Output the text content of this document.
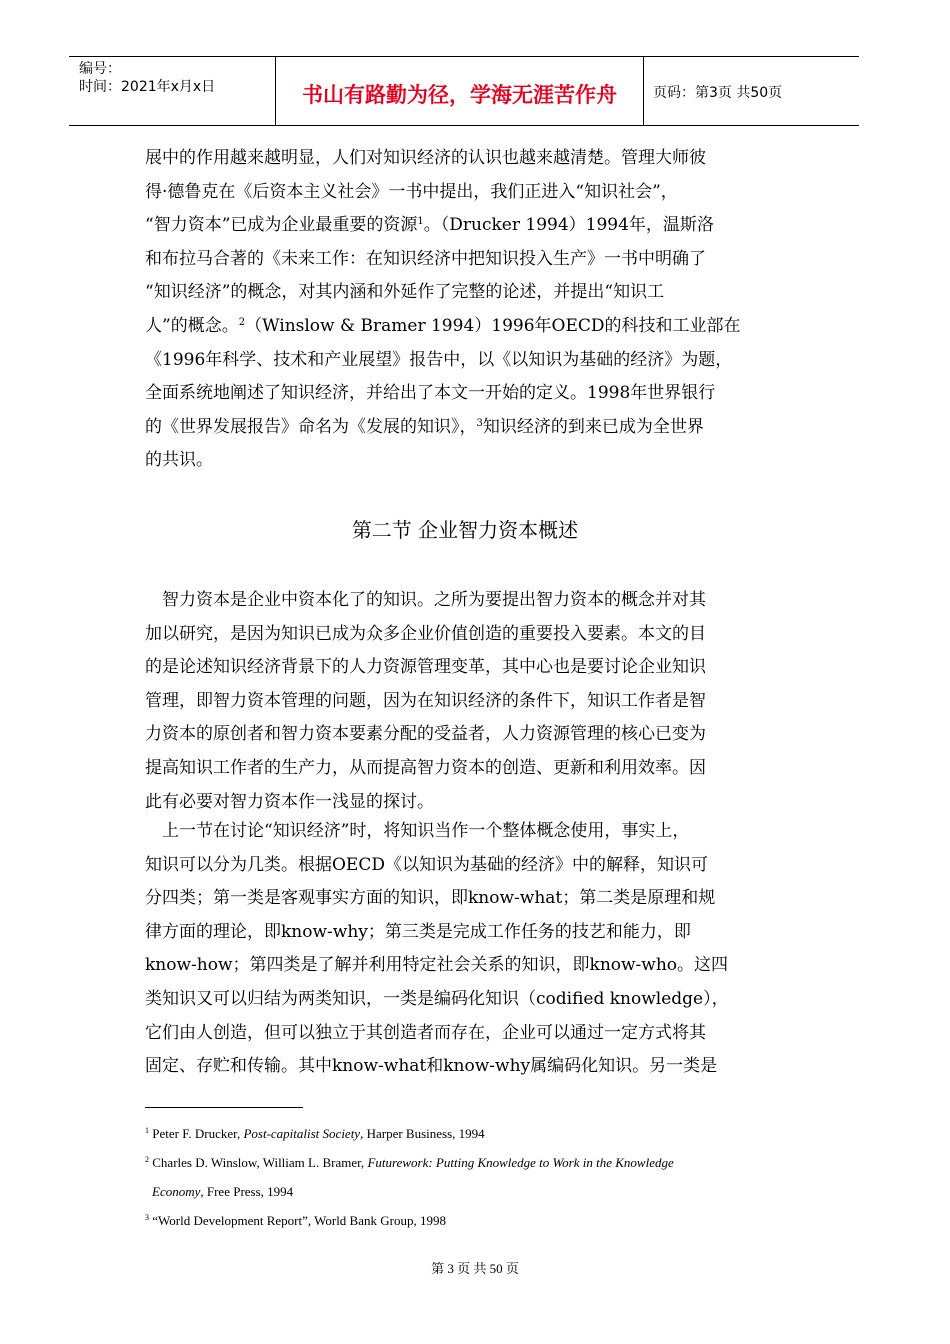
编号：
时间：2021年x月x日	书山有路勤为径，学海无涯苦作舟	页码：第3页 共50页
展中的作用越来越明显，人们对知识经济的认识也越来越清楚。管理大师彼
得·德鲁克在《后资本主义社会》一书中提出，我们正进入“知识社会”，
“智力资本”已成为企业最重要的资源$^1$。（Drucker 1994）1994年，温斯洛
和布拉马合著的《未来工作：在知识经济中把知识投入生产》一书中明确了
“知识经济”的概念，对其内涵和外延作了完整的论述，并提出“知识工
人”的概念。$^2$（Winslow & Bramer 1994）1996年OECD的科技和工业部在
《1996年科学、技术和产业展望》报告中，以《以知识为基础的经济》为题，
全面系统地阐述了知识经济，并给出了本文一开始的定义。1998年世界银行
的《世界发展报告》命名为《发展的知识》，$^3$知识经济的到来已成为全世界
的共识。
第二节 企业智力资本概述
智力资本是企业中资本化了的知识。之所为要提出智力资本的概念并对其
加以研究，是因为知识已成为众多企业价值创造的重要投入要素。本文的目
的是论述知识经济背景下的人力资源管理变革，其中心也是要讨论企业知识
管理，即智力资本管理的问题，因为在知识经济的条件下，知识工作者是智
力资本的原创者和智力资本要素分配的受益者，人力资源管理的核心已变为
提高知识工作者的生产力，从而提高智力资本的创造、更新和利用效率。因
此有必要对智力资本作一浅显的探讨。
上一节在讨论“知识经济”时，将知识当作一个整体概念使用，事实上，
知识可以分为几类。根据OECD《以知识为基础的经济》中的解释，知识可
分四类；第一类是客观事实方面的知识，即know-what；第二类是原理和规
律方面的理论，即know-why；第三类是完成工作任务的技艺和能力，即
know-how；第四类是了解并利用特定社会关系的知识，即know-who。这四
类知识又可以归结为两类知识，一类是编码化知识（codified knowledge），
它们由人创造，但可以独立于其创造者而存在，企业可以通过一定方式将其
固定、存贮和传输。其中know-what和know-why属编码化知识。另一类是
$^1$ Peter F. Drucker, Post-capitalist Society, Harper Business, 1994
$^2$ Charles D. Winslow, William L. Bramer, Futurework: Putting Knowledge to Work in the Knowledge
Economy, Free Press, 1994
$^3$ “World Development Report”, World Bank Group, 1998
第 3 页 共 50 页
